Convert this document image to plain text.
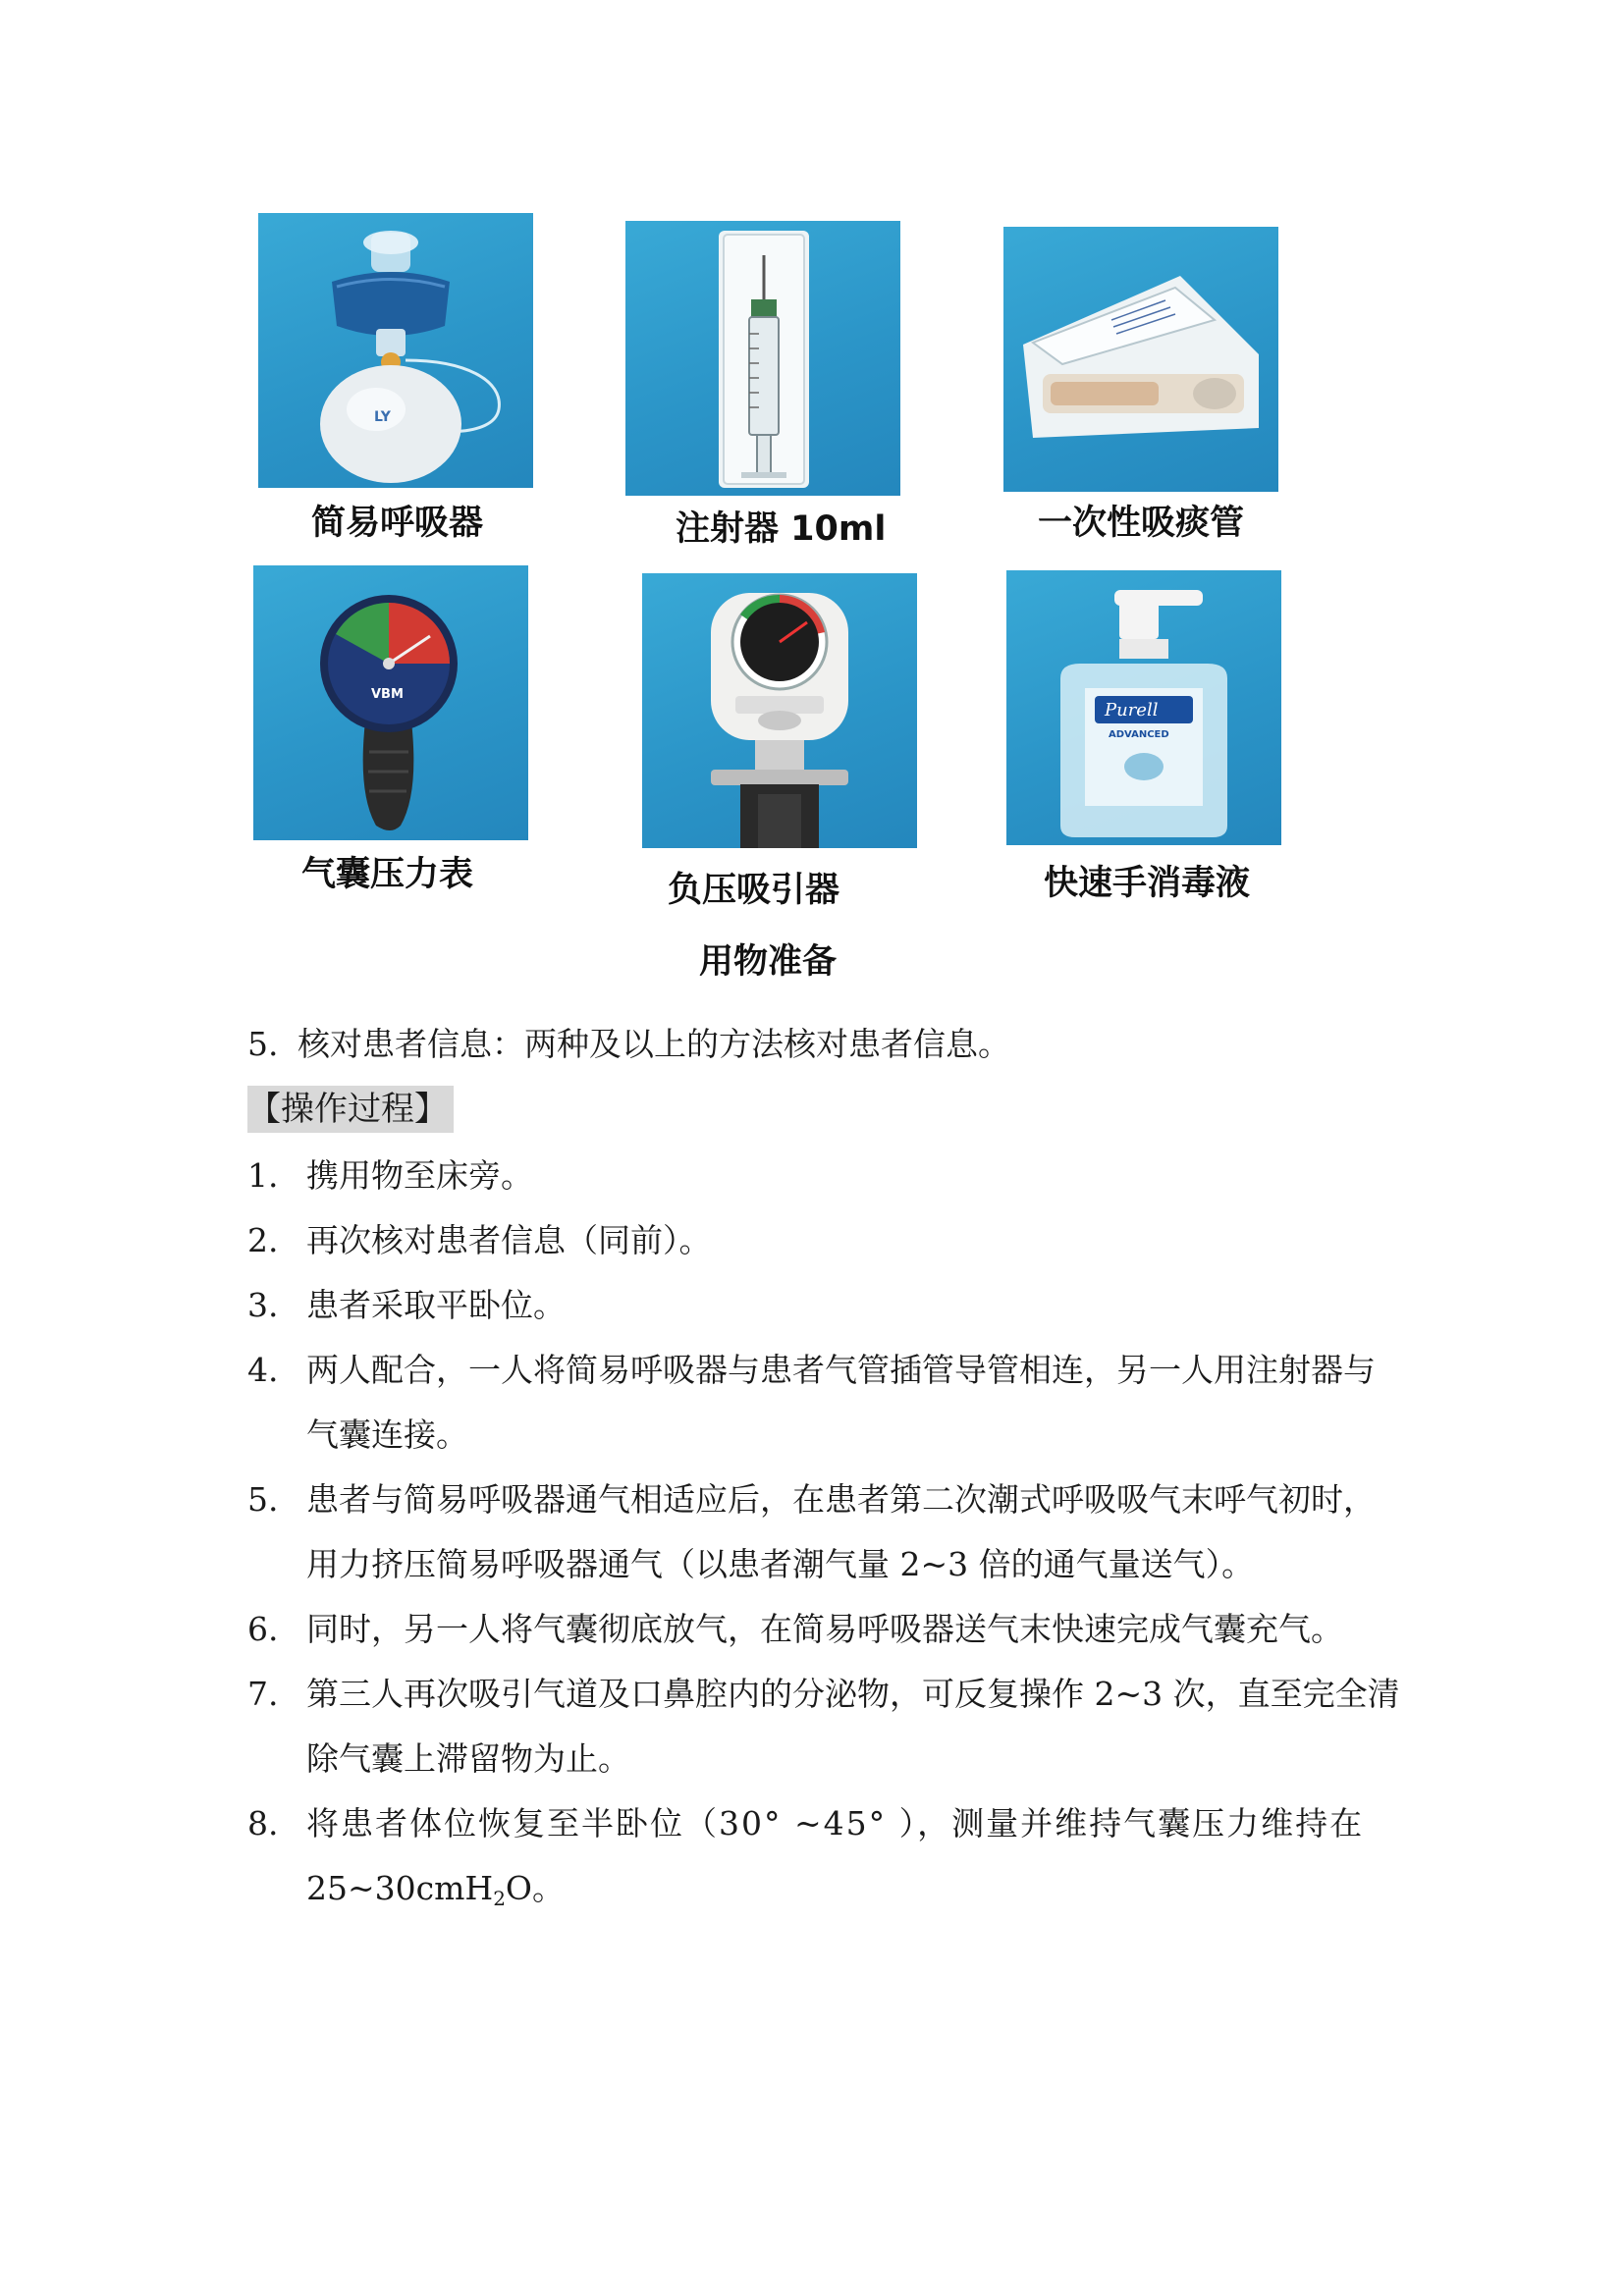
LY
简易呼吸器	注射器 10ml	一次性吸痰管
VBM
气囊压力表	负压吸引器
Purell
ADVANCED
快速手消毒液
用物准备
5. 核对患者信息：两种及以上的方法核对患者信息。
【操作过程】
1. 携用物至床旁。
2. 再次核对患者信息（同前）。
3. 患者采取平卧位。
4. 两人配合，一人将简易呼吸器与患者气管插管导管相连，另一人用注射器与
气囊连接。
5. 患者与简易呼吸器通气相适应后，在患者第二次潮式呼吸吸气末呼气初时，
用力挤压简易呼吸器通气（以患者潮气量 2~3 倍的通气量送气）。
6. 同时，另一人将气囊彻底放气，在简易呼吸器送气末快速完成气囊充气。
7. 第三人再次吸引气道及口鼻腔内的分泌物，可反复操作 2~3 次，直至完全清
除气囊上滞留物为止。
8. 将患者体位恢复至半卧位（30° ~45° ），测量并维持气囊压力维持在
25~30cmH$_2$O。
